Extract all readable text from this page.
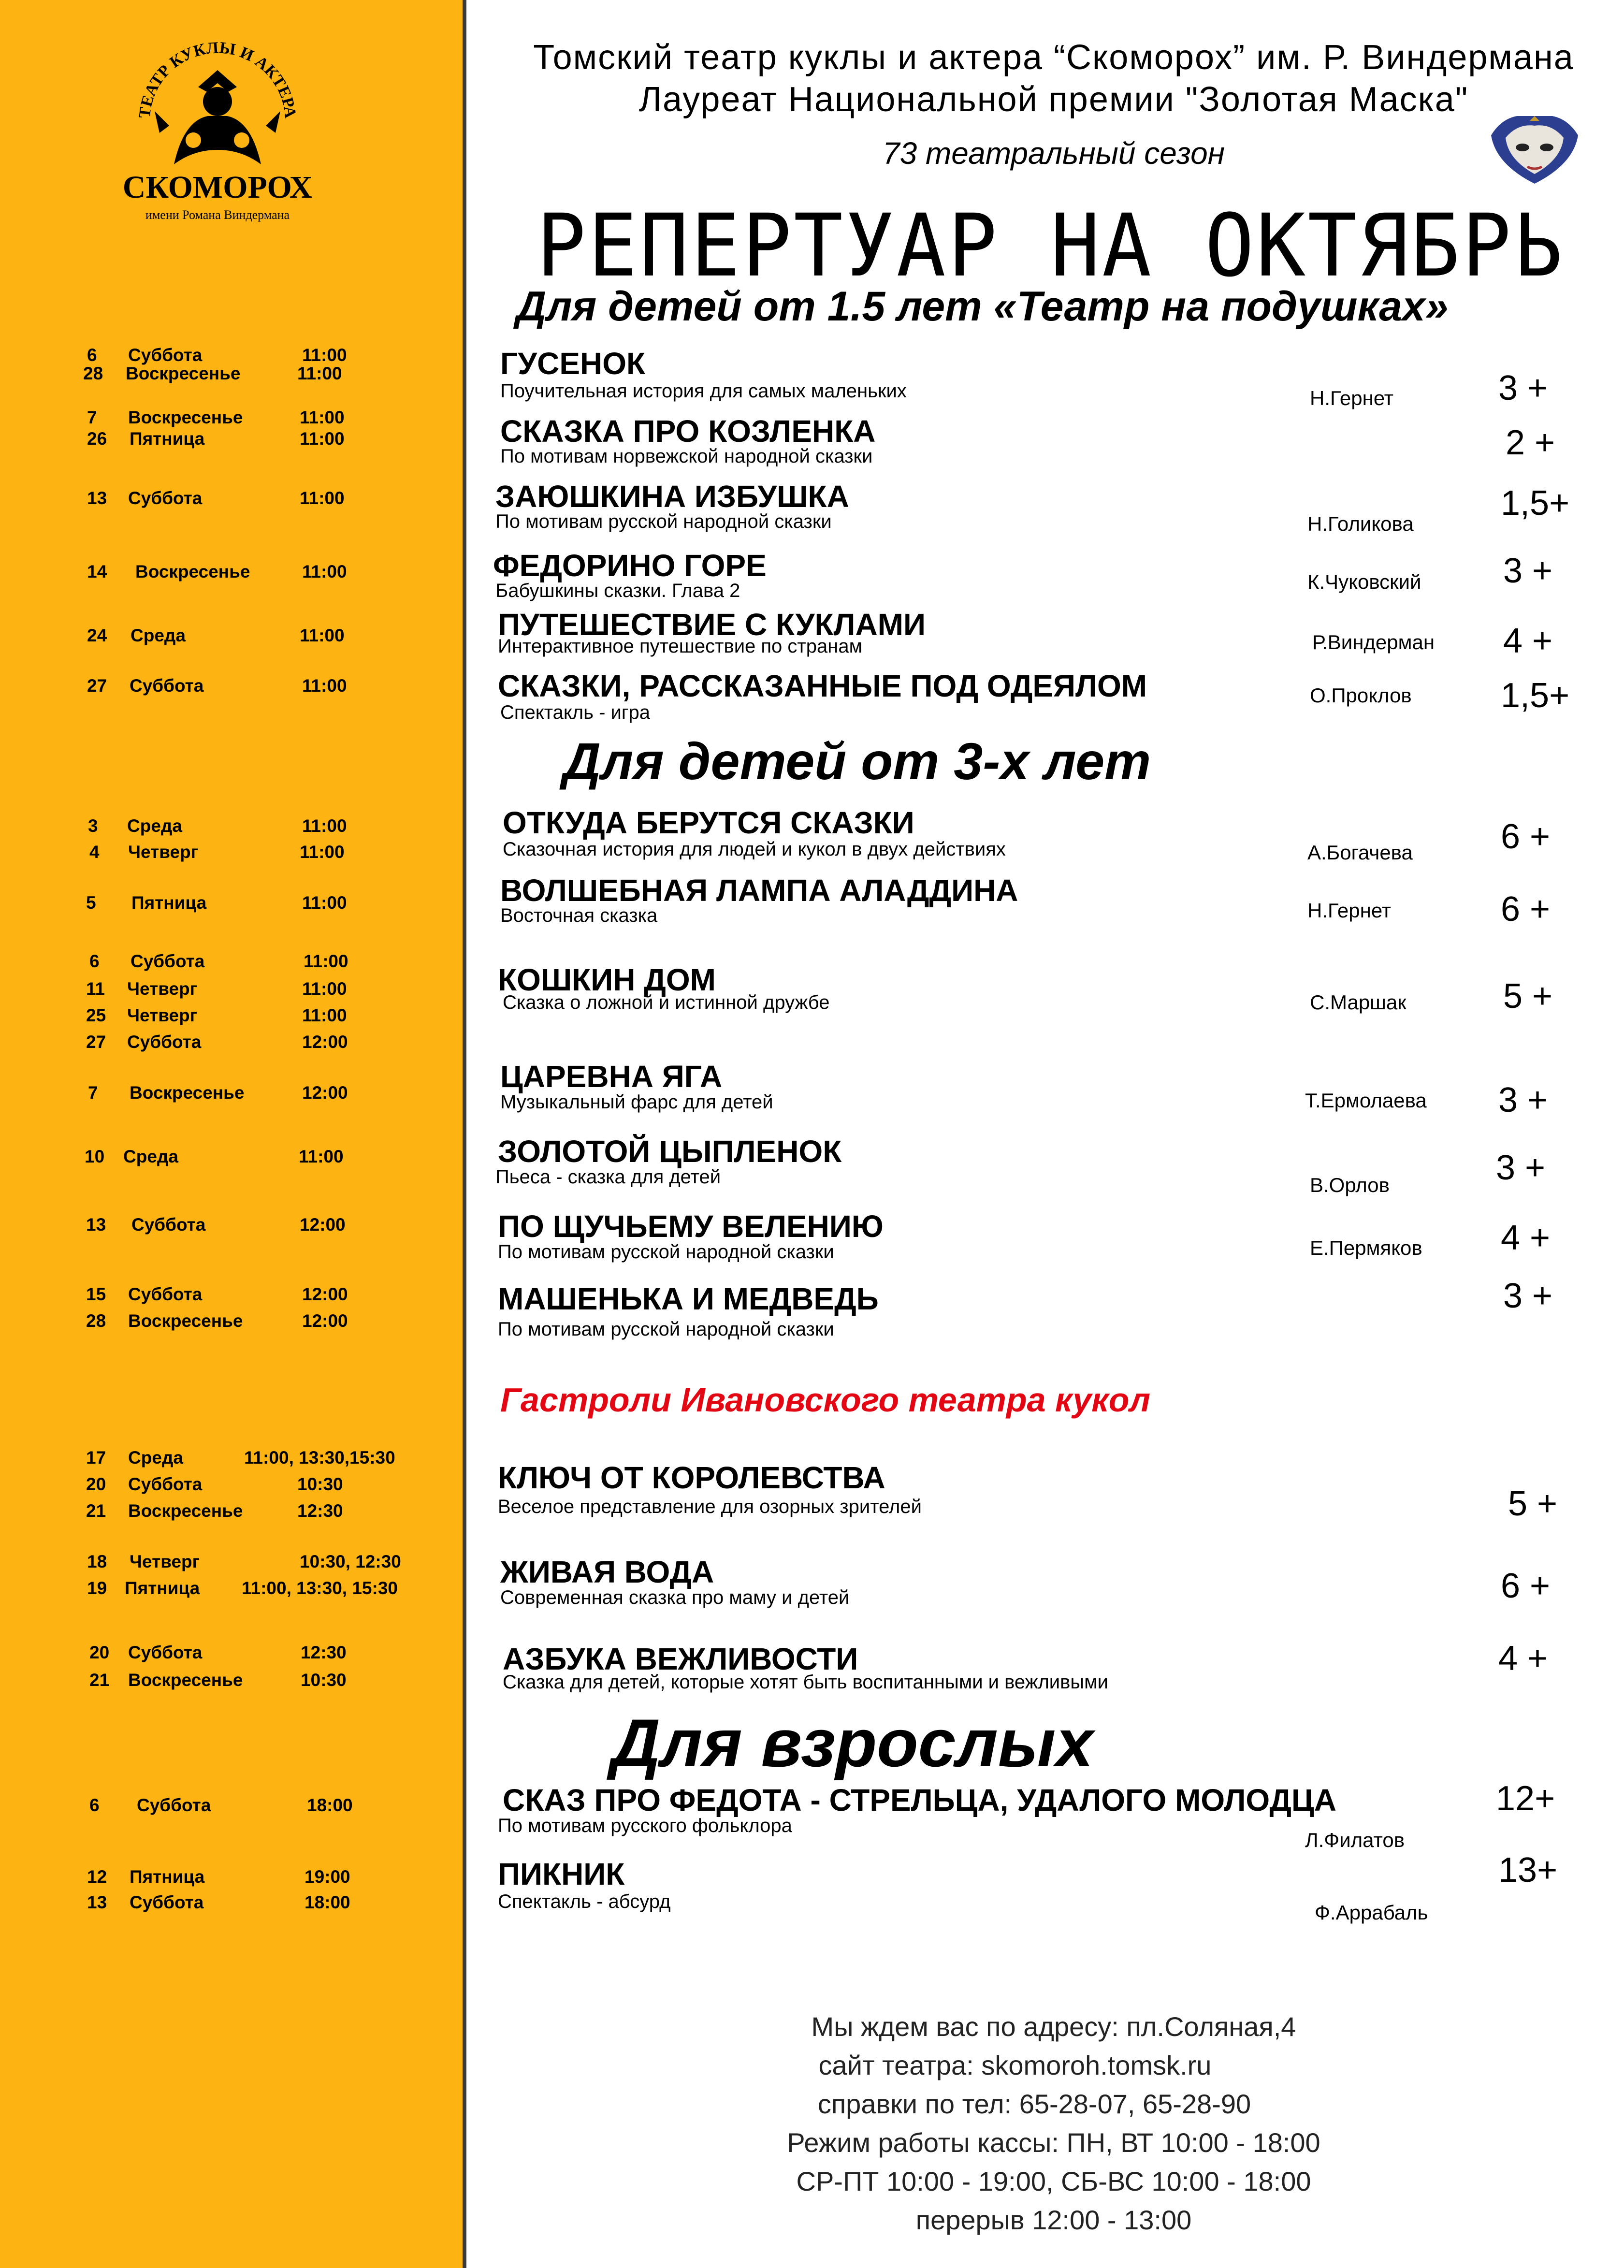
ТЕАТР КУКЛЫ И АКТЕРА
СКОМОРОХ
имени Романа Виндермана
Томский театр куклы и актера “Скоморох” им. Р. Виндермана
Лауреат Национальной премии "Золотая Маска"
73 театральный сезон
РЕПЕРТУАР НА ОКТЯБРЬ
Для детей от 1.5 лет «Театр на подушках»
Для детей от 3-х лет
Гастроли Ивановского театра кукол
Для взрослых
ГУСЕНОК
Поучительная история для самых маленьких	Н.Гернет	3 +
СКАЗКА ПРО КОЗЛЕНКА
По мотивам норвежской народной сказки	2 +
ЗАЮШКИНА ИЗБУШКА
По мотивам русской народной сказки	Н.Голикова
1,5+
ФЕДОРИНО ГОРЕ
Бабушкины сказки. Глава 2	К.Чуковский 3 +
ПУТЕШЕСТВИЕ С КУКЛАМИ
Интерактивное путешествие по странам	Р.Виндерман 4 +
СКАЗКИ, РАССКАЗАННЫЕ ПОД ОДЕЯЛОМ
Спектакль - игра
О.Проклов	1,5+
ОТКУДА БЕРУТСЯ СКАЗКИ
Сказочная история для людей и кукол в двух действиях	А.Богачева	6 +
ВОЛШЕБНАЯ ЛАМПА АЛАДДИНА
Восточная сказка	Н.Гернет	6 +
КОШКИН ДОМ
Сказка о ложной и истинной дружбе	С.Маршак	5 +
ЦАРЕВНА ЯГА
Музыкальный фарс для детей	Т.Ермолаева 3 +
ЗОЛОТОЙ ЦЫПЛЕНОК
Пьеса - сказка для детей	В.Орлов	3 +
ПО ЩУЧЬЕМУ ВЕЛЕНИЮ
По мотивам русской народной сказки	Е.Пермяков 4 +
МАШЕНЬКА И МЕДВЕДЬ
По мотивам русской народной сказки
3 +
КЛЮЧ ОТ КОРОЛЕВСТВА
Веселое представление для озорных зрителей	5 +
ЖИВАЯ ВОДА
Современная сказка про маму и детей	6 +
АЗБУКА ВЕЖЛИВОСТИ
Сказка для детей, которые хотят быть воспитанными и вежливыми
4 +
СКАЗ ПРО ФЕДОТА - СТРЕЛЬЦА, УДАЛОГО МОЛОДЦА
По мотивам русского фольклора
Л.Филатов
12+
ПИКНИК
Спектакль - абсурд	Ф.Аррабаль
13+
6 Суббота	11:00
28 Воскресенье	11:00
7 Воскресенье	11:00
26 Пятница	11:00
13 Суббота	11:00
14 Воскресенье	11:00
24 Среда	11:00
27 Суббота	11:00
3 Среда	11:00
4 Четверг	11:00
5 Пятница	11:00
6 Суббота	11:00
11 Четверг	11:00
25 Четверг	11:00
27 Суббота	12:00
7 Воскресенье	12:00
10 Среда	11:00
13 Суббота	12:00
15 Суббота	12:00
28 Воскресенье	12:00
17 Среда	11:00, 13:30,15:30
20 Суббота	10:30
21 Воскресенье	12:30
18 Четверг	10:30, 12:30
19 Пятница 11:00, 13:30, 15:30
20 Суббота	12:30
21 Воскресенье	10:30
6 Суббота	18:00
12 Пятница	19:00
13 Суббота	18:00
Мы ждем вас по адресу: пл.Соляная,4
сайт театра: skomoroh.tomsk.ru
справки по тел: 65-28-07, 65-28-90
Режим работы кассы: ПН, ВТ 10:00 - 18:00
СР-ПТ 10:00 - 19:00, СБ-ВС 10:00 - 18:00
перерыв 12:00 - 13:00
